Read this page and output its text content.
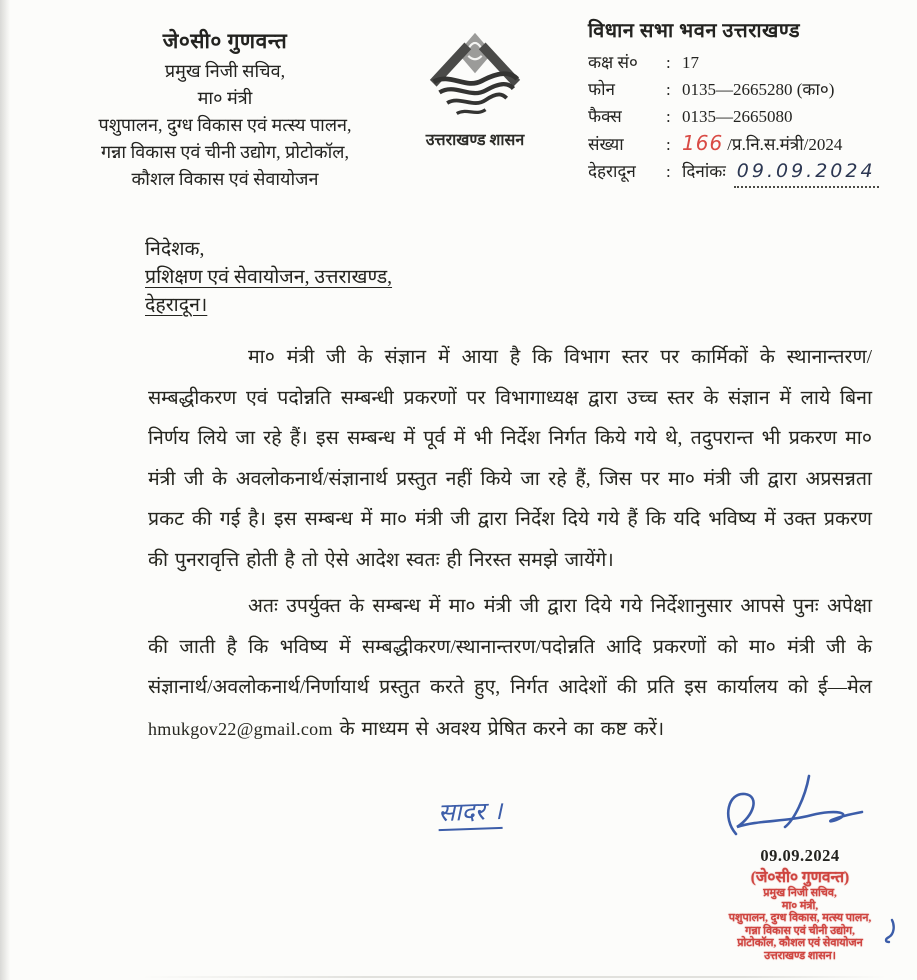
जे०सी० गुणवन्त
प्रमुख निजी सचिव,
मा० मंत्री
पशुपालन, दुग्ध विकास एवं मत्स्य पालन,
गन्ना विकास एवं चीनी उद्योग, प्रोटोकॉल,
कौशल विकास एवं सेवायोजन
उत्तराखण्ड शासन
विधान सभा भवन उत्तराखण्ड
कक्ष सं०	: 17
फोन	: 0135—2665280 (का०)
फैक्स	: 0135—2665080
संख्या	: 166 /प्र.नि.स.मंत्री/2024
देहरादून	: दिनांकः 09.09.2024
निदेशक,
प्रशिक्षण एवं सेवायोजन, उत्तराखण्ड,
देहरादून।

मा० मंत्री जी के संज्ञान में आया है कि विभाग स्तर पर कार्मिकों के स्थानान्तरण/सम्बद्धीकरण एवं पदोन्नति सम्बन्धी प्रकरणों पर विभागाध्यक्ष द्वारा उच्च स्तर के संज्ञान में लाये बिना निर्णय लिये जा रहे हैं। इस सम्बन्ध में पूर्व में भी निर्देश निर्गत किये गये थे, तदुपरान्त भी प्रकरण मा० मंत्री जी के अवलोकनार्थ/संज्ञानार्थ प्रस्तुत नहीं किये जा रहे हैं, जिस पर मा० मंत्री जी द्वारा अप्रसन्नता प्रकट की गई है। इस सम्बन्ध में मा० मंत्री जी द्वारा निर्देश दिये गये हैं कि यदि भविष्य में उक्त प्रकरण की पुनरावृत्ति होती है तो ऐसे आदेश स्वतः ही निरस्त समझे जायेंगे।

अतः उपर्युक्त के सम्बन्ध में मा० मंत्री जी द्वारा दिये गये निर्देशानुसार आपसे पुनः अपेक्षा की जाती है कि भविष्य में सम्बद्धीकरण/स्थानान्तरण/पदोन्नति आदि प्रकरणों को मा० मंत्री जी के संज्ञानार्थ/अवलोकनार्थ/निर्णायार्थ प्रस्तुत करते हुए, निर्गत आदेशों की प्रति इस कार्यालय को ई—मेल hmukgov22@gmail.com के माध्यम से अवश्य प्रेषित करने का कष्ट करें।

सादर ।
09.09.2024
(जे०सी० गुणवन्त)
प्रमुख निजी सचिव,
मा० मंत्री,
पशुपालन, दुग्ध विकास, मत्स्य पालन,
गन्ना विकास एवं चीनी उद्योग,
प्रोटोकॉल, कौशल एवं सेवायोजन
उत्तराखण्ड शासन।
